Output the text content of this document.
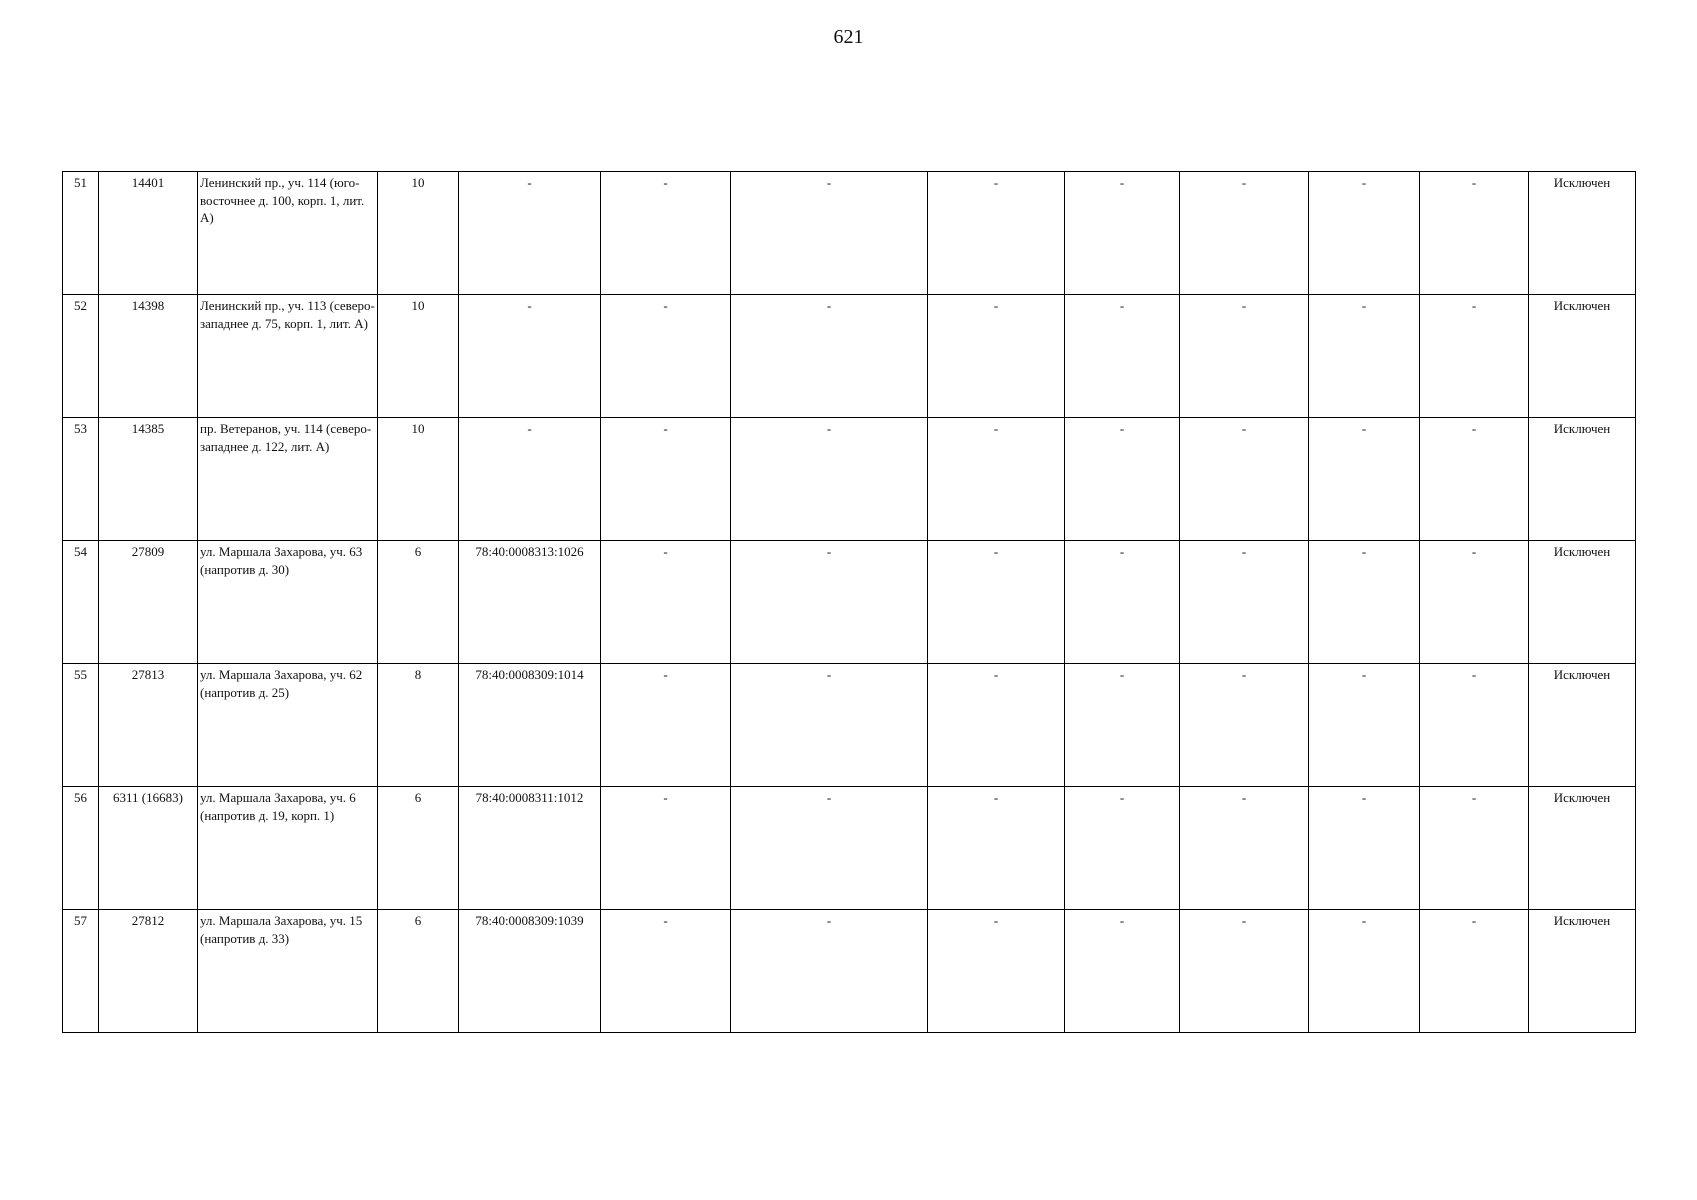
621
51	14401	Ленинский пр., уч. 114 (юго-восточнее д. 100, корп. 1, лит. А)	10	-	-	-	-	-	-	-	-	Исключен
52	14398	Ленинский пр., уч. 113 (северо-западнее д. 75, корп. 1, лит. А)	10	-	-	-	-	-	-	-	-	Исключен
53	14385	пр. Ветеранов, уч. 114 (северо-западнее д. 122, лит. А)	10	-	-	-	-	-	-	-	-	Исключен
54	27809	ул. Маршала Захарова, уч. 63 (напротив д. 30)	6	78:40:0008313:1026	-	-	-	-	-	-	-	Исключен
55	27813	ул. Маршала Захарова, уч. 62 (напротив д. 25)	8	78:40:0008309:1014	-	-	-	-	-	-	-	Исключен
56	6311 (16683)	ул. Маршала Захарова, уч. 6 (напротив д. 19, корп. 1)	6	78:40:0008311:1012	-	-	-	-	-	-	-	Исключен
57	27812	ул. Маршала Захарова, уч. 15 (напротив д. 33)	6	78:40:0008309:1039	-	-	-	-	-	-	-	Исключен
